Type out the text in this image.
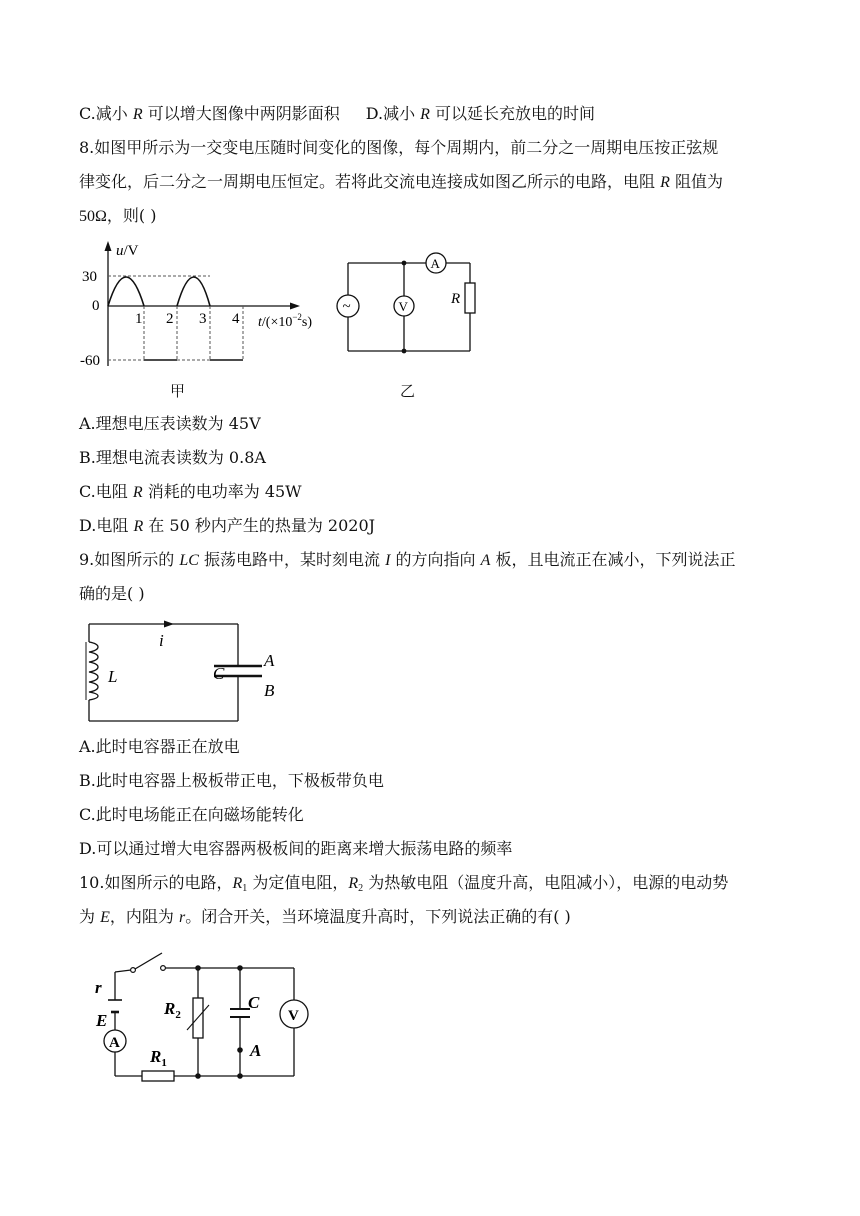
C.减小 R 可以增大图像中两阴影面积 D.减小 R 可以延长充放电的时间
8.如图甲所示为一交变电压随时间变化的图像，每个周期内，前二分之一周期电压按正弦规
律变化，后二分之一周期电压恒定。若将此交流电连接成如图乙所示的电路，电阻 R 阻值为
50Ω，则( )
u/V
30
0
-60
1 2 3 4 $t/(\times 10^{-2}s)$
甲
~	V
A
R
乙
A.理想电压表读数为 45V
B.理想电流表读数为 0.8A
C.电阻 R 消耗的电功率为 45W
D.电阻 R 在 50 秒内产生的热量为 2020J
9.如图所示的 LC 振荡电路中，某时刻电流 I 的方向指向 A 板，且电流正在减小，下列说法正
确的是( )
i
L	C
A
B
A.此时电容器正在放电
B.此时电容器上极板带正电，下极板带负电
C.此时电场能正在向磁场能转化
D.可以通过增大电容器两极板间的距离来增大振荡电路的频率
10.如图所示的电路，$R_1$ 为定值电阻，$R_2$ 为热敏电阻（温度升高，电阻减小），电源的电动势
为 E，内阻为 r。闭合开关，当环境温度升高时，下列说法正确的有( )
r
E
A
$R_1$
$R_2$
C
A
V
